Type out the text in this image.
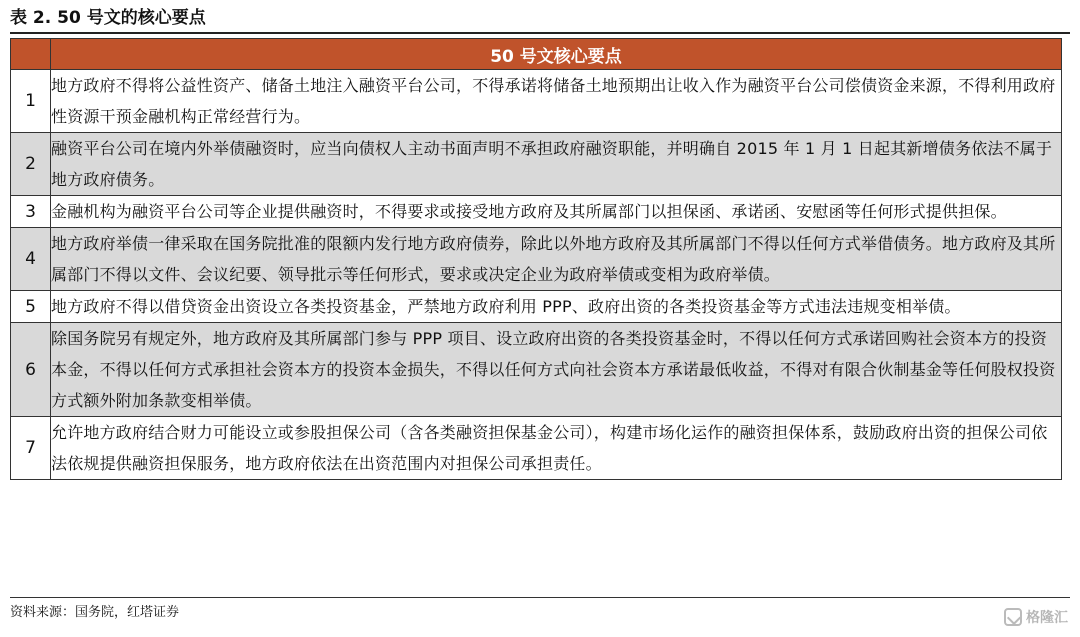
表 2. 50 号文的核心要点
	50 号文核心要点
1	地方政府不得将公益性资产、储备土地注入融资平台公司，不得承诺将储备土地预期出让收入作为融资平台公司偿债资金来源，不得利用政府性资源干预金融机构正常经营行为。
2	融资平台公司在境内外举债融资时，应当向债权人主动书面声明不承担政府融资职能，并明确自 2015 年 1 月 1 日起其新增债务依法不属于地方政府债务。
3	金融机构为融资平台公司等企业提供融资时，不得要求或接受地方政府及其所属部门以担保函、承诺函、安慰函等任何形式提供担保。
4	地方政府举债一律采取在国务院批准的限额内发行地方政府债券，除此以外地方政府及其所属部门不得以任何方式举借债务。地方政府及其所属部门不得以文件、会议纪要、领导批示等任何形式，要求或决定企业为政府举债或变相为政府举债。
5	地方政府不得以借贷资金出资设立各类投资基金，严禁地方政府利用 PPP、政府出资的各类投资基金等方式违法违规变相举债。
6	除国务院另有规定外，地方政府及其所属部门参与 PPP 项目、设立政府出资的各类投资基金时，不得以任何方式承诺回购社会资本方的投资本金，不得以任何方式承担社会资本方的投资本金损失，不得以任何方式向社会资本方承诺最低收益，不得对有限合伙制基金等任何股权投资方式额外附加条款变相举债。
7	允许地方政府结合财力可能设立或参股担保公司（含各类融资担保基金公司），构建市场化运作的融资担保体系，鼓励政府出资的担保公司依法依规提供融资担保服务，地方政府依法在出资范围内对担保公司承担责任。
资料来源：国务院，红塔证券	格隆汇
